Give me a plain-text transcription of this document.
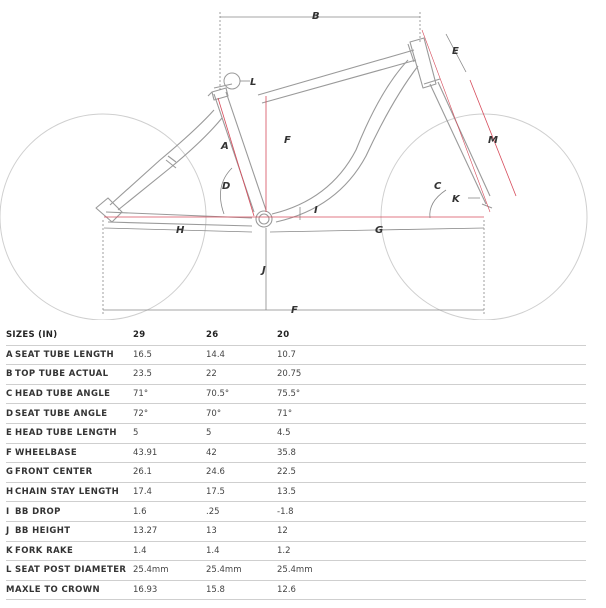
B
E
L
A
F	M
D	C
K
I
H	G
J
F
SIZES (IN)		29	26	20
A	SEAT TUBE LENGTH	16.5	14.4	10.7
B	TOP TUBE ACTUAL	23.5	22	20.75
C	HEAD TUBE ANGLE	71°	70.5°	75.5°
D	SEAT TUBE ANGLE	72°	70°	71°
E	HEAD TUBE LENGTH	5	5	4.5
F	WHEELBASE	43.91	42	35.8
G	FRONT CENTER	26.1	24.6	22.5
H	CHAIN STAY LENGTH	17.4	17.5	13.5
I	BB DROP	1.6	.25	-1.8
J	BB HEIGHT	13.27	13	12
K	FORK RAKE	1.4	1.4	1.2
L	SEAT POST DIAMETER	25.4mm	25.4mm	25.4mm
M	AXLE TO CROWN	16.93	15.8	12.6
